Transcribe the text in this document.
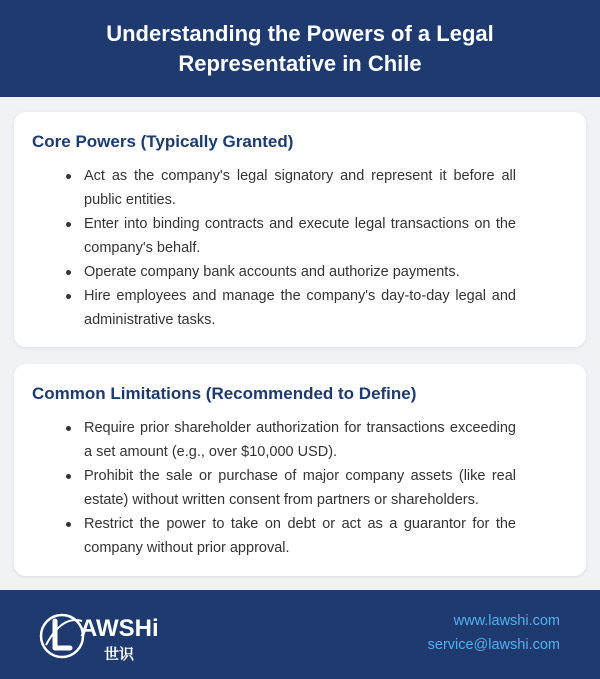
Understanding the Powers of a Legal Representative in Chile
Core Powers (Typically Granted)
Act as the company's legal signatory and represent it before all public entities.
Enter into binding contracts and execute legal transactions on the company's behalf.
Operate company bank accounts and authorize payments.
Hire employees and manage the company's day-to-day legal and administrative tasks.
Common Limitations (Recommended to Define)
Require prior shareholder authorization for transactions exceeding a set amount (e.g., over $10,000 USD).
Prohibit the sale or purchase of major company assets (like real estate) without written consent from partners or shareholders.
Restrict the power to take on debt or act as a guarantor for the company without prior approval.
AWSHi
世识
www.lawshi.com
service@lawshi.com
